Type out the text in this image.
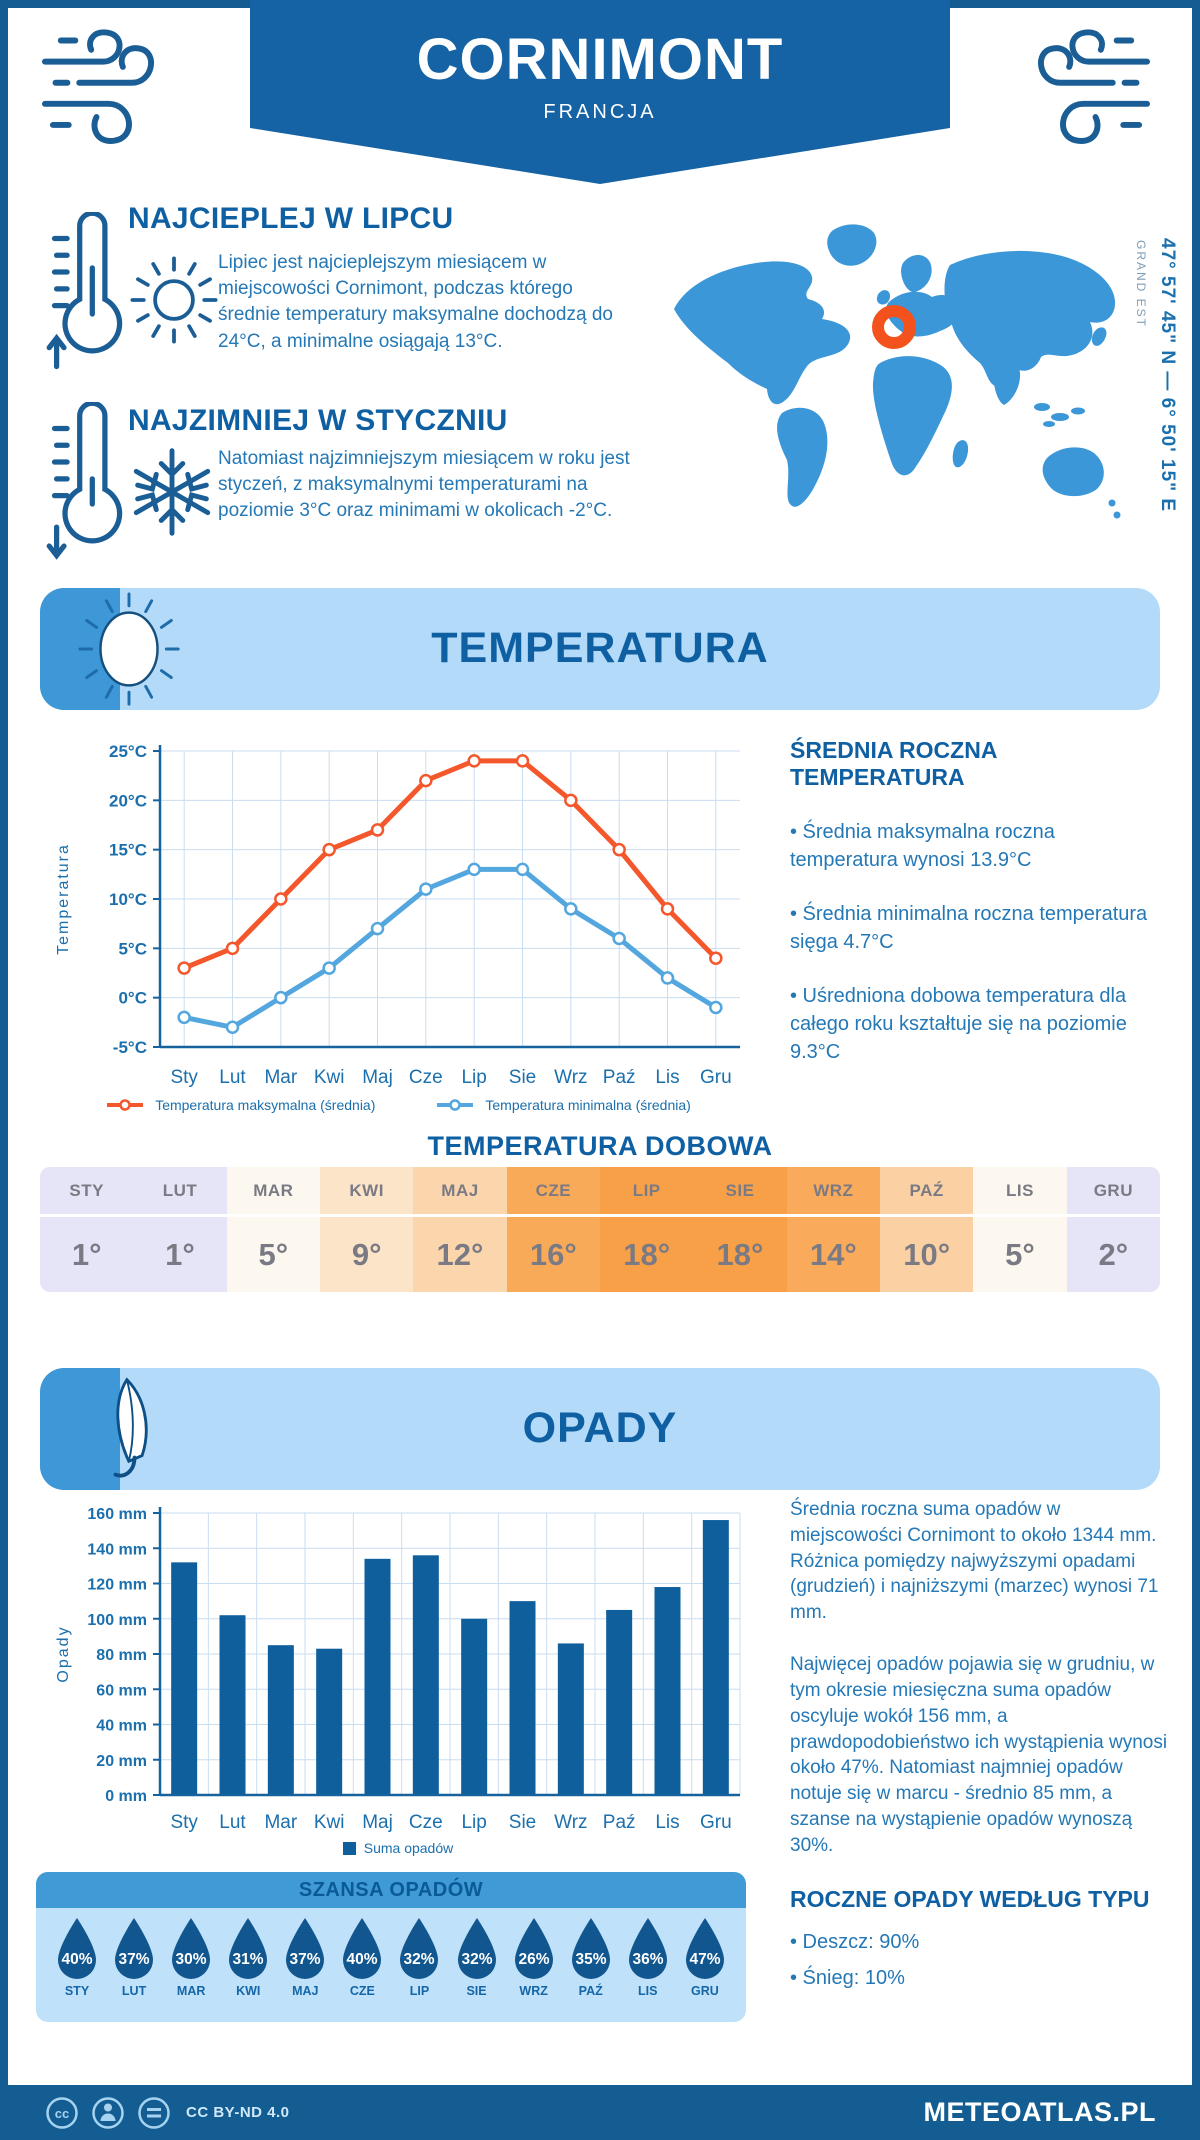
CORNIMONT
FRANCJA
NAJCIEPLEJ W LIPCU
Lipiec jest najcieplejszym miesiącem w miejscowości Cornimont, podczas którego średnie temperatury maksymalne dochodzą do 24°C, a minimalne osiągają 13°C.
NAJZIMNIEJ W STYCZNIU
Natomiast najzimniejszym miesiącem w roku jest styczeń, z maksymalnymi temperaturami na poziomie 3°C oraz minimami w okolicach -2°C.	47° 57' 45" N — 6° 50' 15" E
GRAND EST
TEMPERATURA
Sty Lut Mar Kwi Maj Cze Lip Sie Wrz Paź Lis Gru
-5°C
0°C
5°C
10°C
15°C
20°C
25°C
Temperatura
Temperatura maksymalna (średnia)	Temperatura minimalna (średnia)
ŚREDNIA ROCZNA TEMPERATURA
• Średnia maksymalna roczna temperatura wynosi 13.9°C
• Średnia minimalna roczna temperatura sięga 4.7°C
• Uśredniona dobowa temperatura dla całego roku kształtuje się na poziomie 9.3°C
TEMPERATURA DOBOWA
STY	LUT	MAR	KWI	MAJ	CZE	LIP	SIE	WRZ	PAŹ	LIS	GRU
1°	1°	5°	9°	12°	16°	18°	18°	14°	10°	5°	2°
OPADY
0 mm
20 mm
40 mm
60 mm
80 mm
100 mm
120 mm
140 mm
160 mm
Sty Lut Mar Kwi Maj Cze Lip Sie Wrz Paź Lis Gru
Opady
Suma opadów

Średnia roczna suma opadów w miejscowości Cornimont to około 1344 mm. Różnica pomiędzy najwyższymi opadami (grudzień) i najniższymi (marzec) wynosi 71 mm.

Najwięcej opadów pojawia się w grudniu, w tym okresie miesięczna suma opadów oscyluje wokół 156 mm, a prawdopodobieństwo ich wystąpienia wynosi około 47%. Natomiast najmniej opadów notuje się w marcu - średnio 85 mm, a szanse na wystąpienie opadów wynoszą 30%.

SZANSA OPADÓW
40%
STY
37%
LUT
30%
MAR
31%
KWI
37%
MAJ
40%
CZE
32%
LIP
32%
SIE
26%
WRZ
35%
PAŹ
36%
LIS
47%
GRU
ROCZNE OPADY WEDŁUG TYPU
• Deszcz: 90%
• Śnieg: 10%
cc	CC BY-ND 4.0	METEOATLAS.PL
